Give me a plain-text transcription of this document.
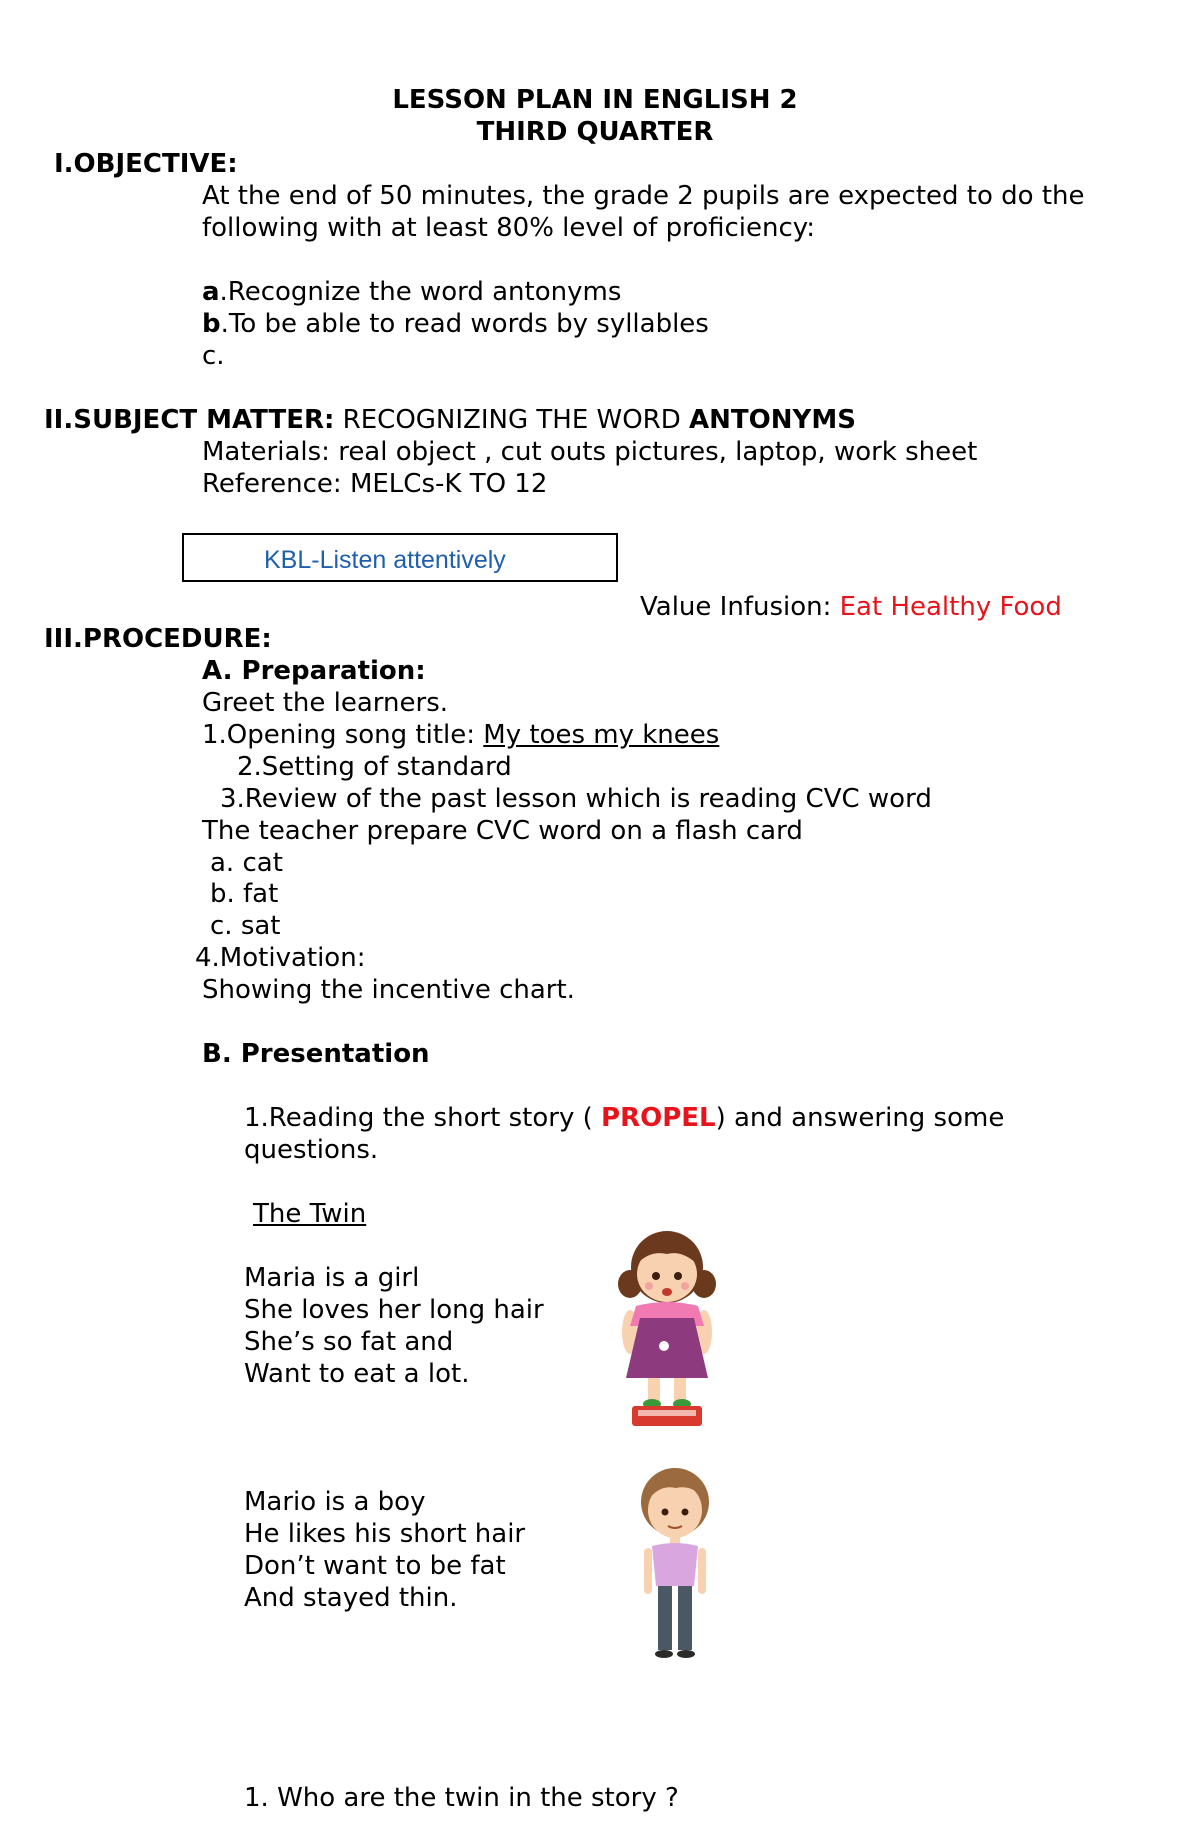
LESSON PLAN IN ENGLISH 2
THIRD QUARTER
I.OBJECTIVE:
At the end of 50 minutes, the grade 2 pupils are expected to do the
following with at least 80% level of proficiency:
a.Recognize the word antonyms
b.To be able to read words by syllables
c.
II.SUBJECT MATTER: RECOGNIZING THE WORD ANTONYMS
Materials: real object , cut outs pictures, laptop, work sheet
Reference: MELCs-K TO 12
KBL-Listen attentively
Value Infusion: Eat Healthy Food
III.PROCEDURE:
A. Preparation:
Greet the learners.
1.Opening song title: My toes my knees
2.Setting of standard
3.Review of the past lesson which is reading CVC word
The teacher prepare CVC word on a flash card
a. cat
b. fat
c. sat
4.Motivation:
Showing the incentive chart.
B. Presentation
1.Reading the short story ( PROPEL) and answering some
questions.
The Twin
Maria is a girl
She loves her long hair
She’s so fat and
Want to eat a lot.
Mario is a boy
He likes his short hair
Don’t want to be fat
And stayed thin.
1. Who are the twin in the story ?
